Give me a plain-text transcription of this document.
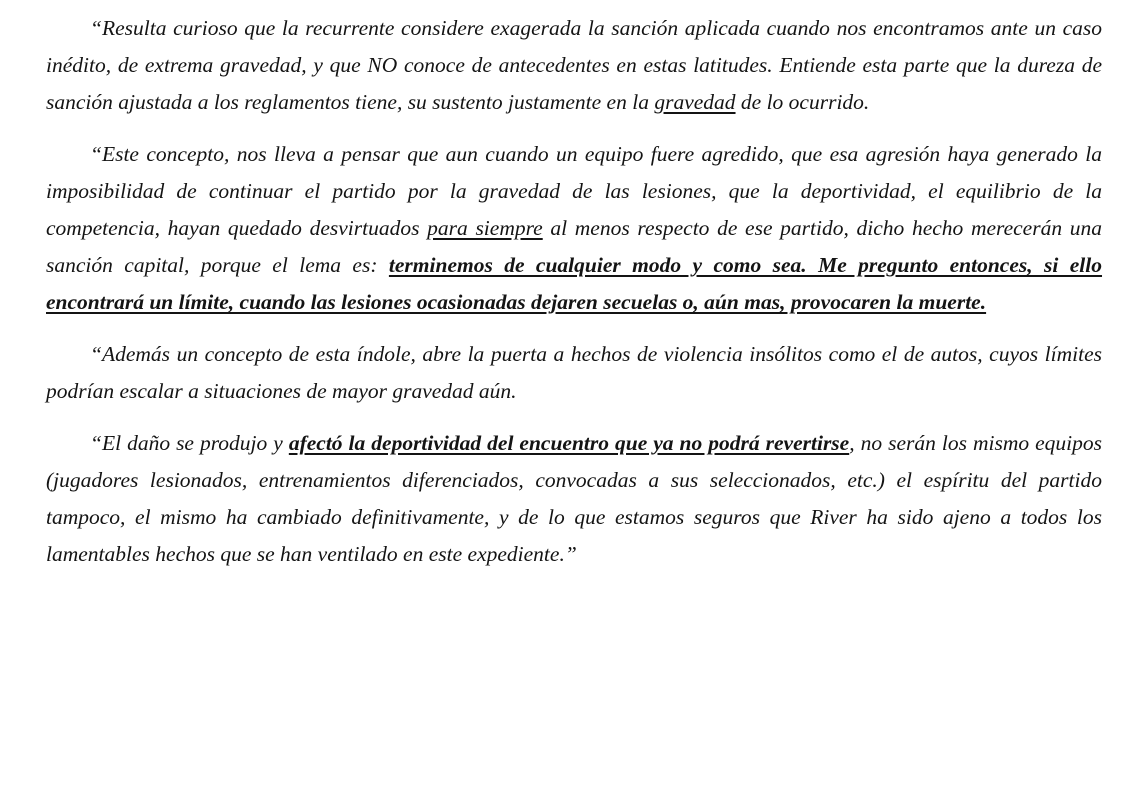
“Resulta curioso que la recurrente considere exagerada la sanción aplicada cuando nos encontramos ante un caso inédito, de extrema gravedad, y que NO conoce de antecedentes en estas latitudes. Entiende esta parte que la dureza de sanción ajustada a los reglamentos tiene, su sustento justamente en la gravedad de lo ocurrido.

“Este concepto, nos lleva a pensar que aun cuando un equipo fuere agredido, que esa agresión haya generado la imposibilidad de continuar el partido por la gravedad de las lesiones, que la deportividad, el equilibrio de la competencia, hayan quedado desvirtuados para siempre al menos respecto de ese partido, dicho hecho merecerán una sanción capital, porque el lema es: terminemos de cualquier modo y como sea. Me pregunto entonces, si ello encontrará un límite, cuando las lesiones ocasionadas dejaren secuelas o, aún mas, provocaren la muerte.

“Además un concepto de esta índole, abre la puerta a hechos de violencia insólitos como el de autos, cuyos límites podrían escalar a situaciones de mayor gravedad aún.

“El daño se produjo y afectó la deportividad del encuentro que ya no podrá revertirse, no serán los mismo equipos (jugadores lesionados, entrenamientos diferenciados, convocadas a sus seleccionados, etc.) el espíritu del partido tampoco, el mismo ha cambiado definitivamente, y de lo que estamos seguros que River ha sido ajeno a todos los lamentables hechos que se han ventilado en este expediente.”
